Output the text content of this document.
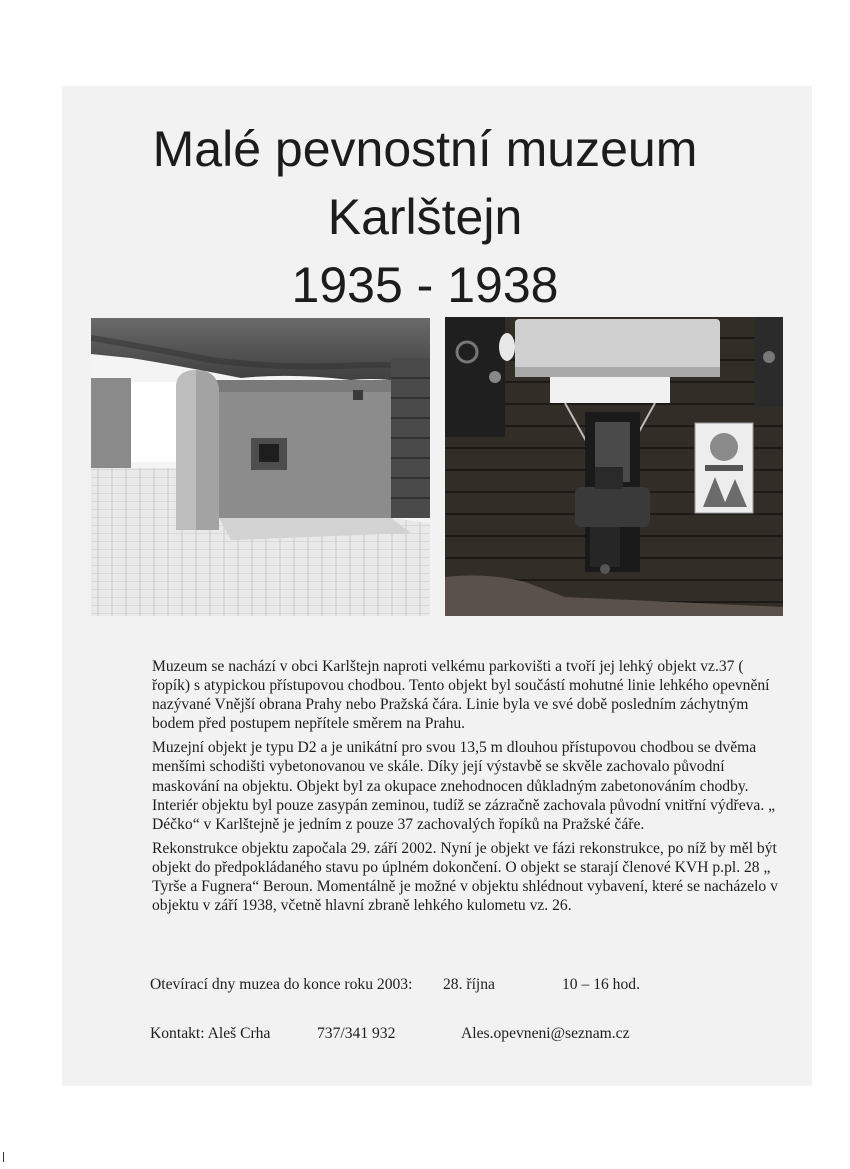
Malé pevnostní muzeum
Karlštejn
1935 - 1938

Muzeum se nachází v obci Karlštejn naproti velkému parkovišti a tvoří jej lehký objekt vz.37 ( řopík) s atypickou přístupovou chodbou. Tento objekt byl součástí mohutné linie lehkého opevnění nazývané Vnější obrana Prahy nebo Pražská čára. Linie byla ve své době posledním záchytným bodem před postupem nepřítele směrem na Prahu.

Muzejní objekt je typu D2 a je unikátní pro svou 13,5 m dlouhou přístupovou chodbou se dvěma menšími schodišti vybetonovanou ve skále. Díky její výstavbě se skvěle zachovalo původní maskování na objektu. Objekt byl za okupace znehodnocen důkladným zabetonováním chodby. Interiér objektu byl pouze zasypán zeminou, tudíž se zázračně zachovala původní vnitřní výdřeva. „ Déčko“ v Karlštejně je jedním z pouze 37 zachovalých řopíků na Pražské čáře.

Rekonstrukce objektu započala 29. září 2002. Nyní je objekt ve fázi rekonstrukce, po níž by měl být objekt do předpokládaného stavu po úplném dokončení. O objekt se starají členové KVH p.pl. 28 „ Tyrše a Fugnera“ Beroun. Momentálně je možné v objektu shlédnout vybavení, které se nacházelo v objektu v září 1938, včetně hlavní zbraně lehkého kulometu vz. 26.

Otevírací dny muzea do konce roku 2003: 28. října	10 – 16 hod.
Kontakt: Aleš Crha	737/341 932	Ales.opevneni@seznam.cz
